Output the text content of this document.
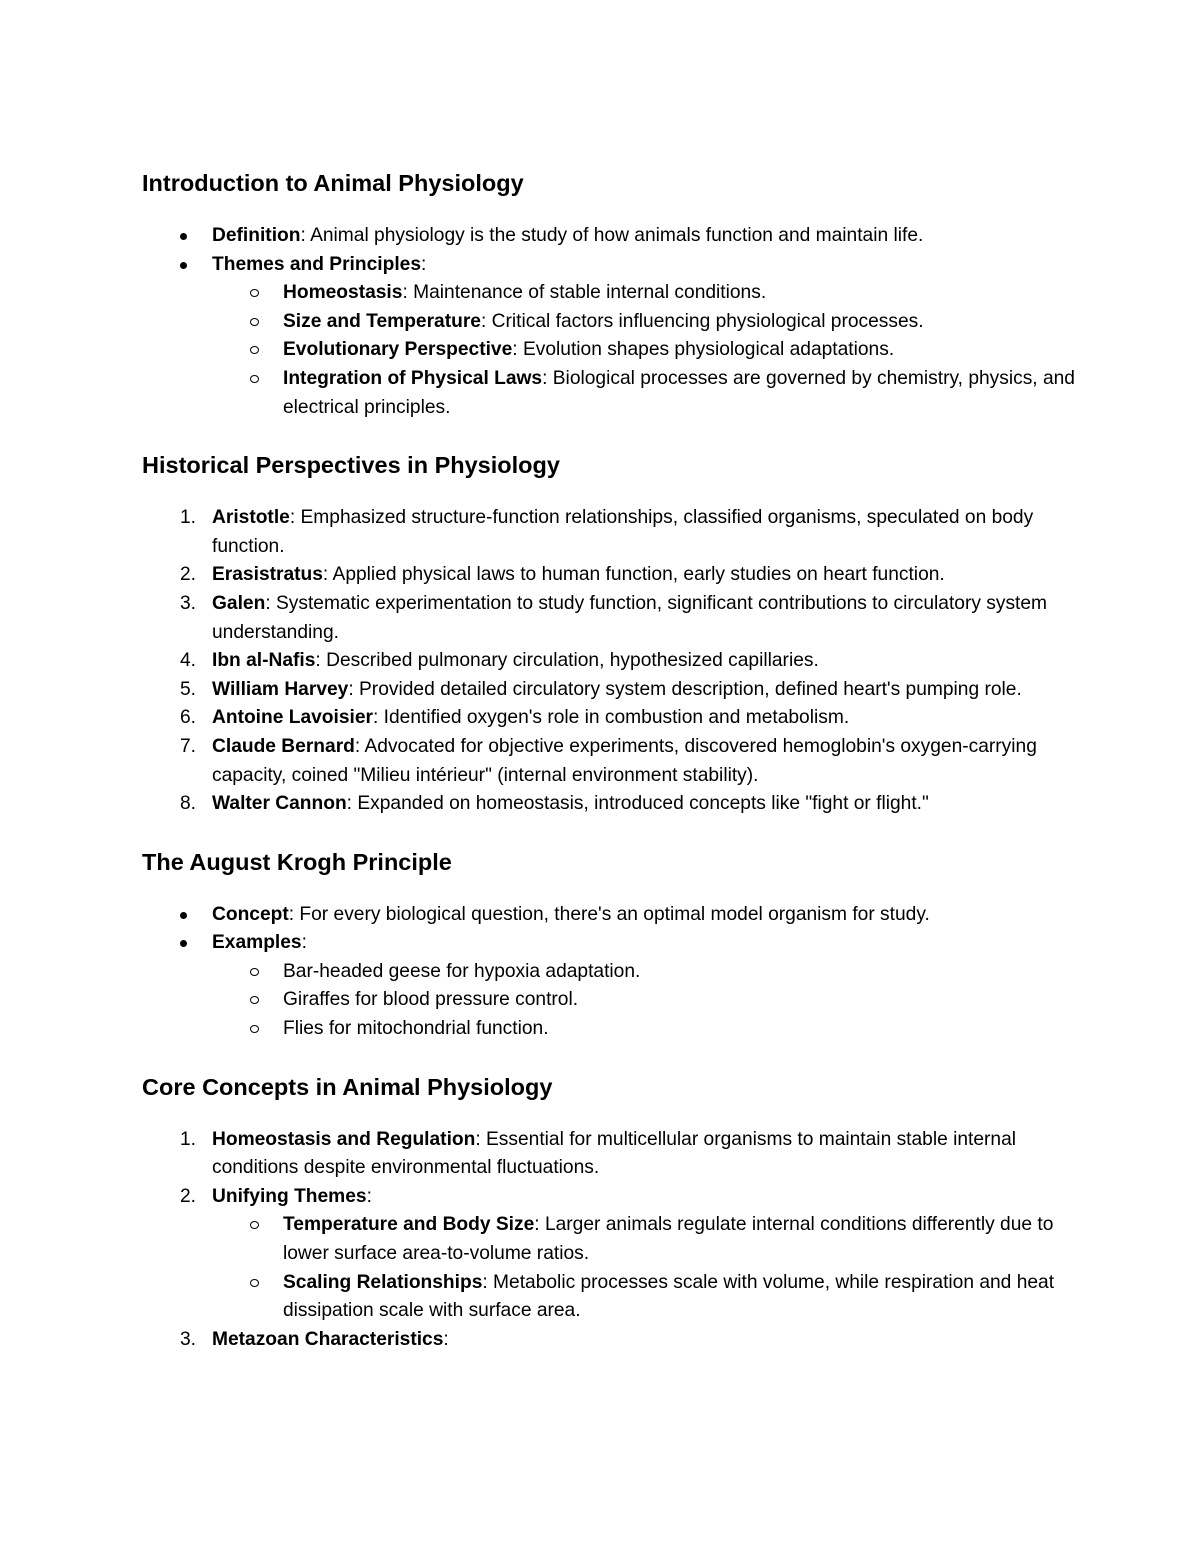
Introduction to Animal Physiology
Definition: Animal physiology is the study of how animals function and maintain life.
Themes and Principles:
Homeostasis: Maintenance of stable internal conditions.
Size and Temperature: Critical factors influencing physiological processes.
Evolutionary Perspective: Evolution shapes physiological adaptations.
Integration of Physical Laws: Biological processes are governed by chemistry, physics, and electrical principles.
Historical Perspectives in Physiology
1. Aristotle: Emphasized structure-function relationships, classified organisms, speculated on body function.
2. Erasistratus: Applied physical laws to human function, early studies on heart function.
3. Galen: Systematic experimentation to study function, significant contributions to circulatory system understanding.
4. Ibn al-Nafis: Described pulmonary circulation, hypothesized capillaries.
5. William Harvey: Provided detailed circulatory system description, defined heart's pumping role.
6. Antoine Lavoisier: Identified oxygen's role in combustion and metabolism.
7. Claude Bernard: Advocated for objective experiments, discovered hemoglobin's oxygen-carrying capacity, coined "Milieu intérieur" (internal environment stability).
8. Walter Cannon: Expanded on homeostasis, introduced concepts like "fight or flight."
The August Krogh Principle
Concept: For every biological question, there's an optimal model organism for study.
Examples:
Bar-headed geese for hypoxia adaptation.
Giraffes for blood pressure control.
Flies for mitochondrial function.
Core Concepts in Animal Physiology
1. Homeostasis and Regulation: Essential for multicellular organisms to maintain stable internal conditions despite environmental fluctuations.
2. Unifying Themes:
Temperature and Body Size: Larger animals regulate internal conditions differently due to lower surface area-to-volume ratios.
Scaling Relationships: Metabolic processes scale with volume, while respiration and heat dissipation scale with surface area.
3. Metazoan Characteristics:
